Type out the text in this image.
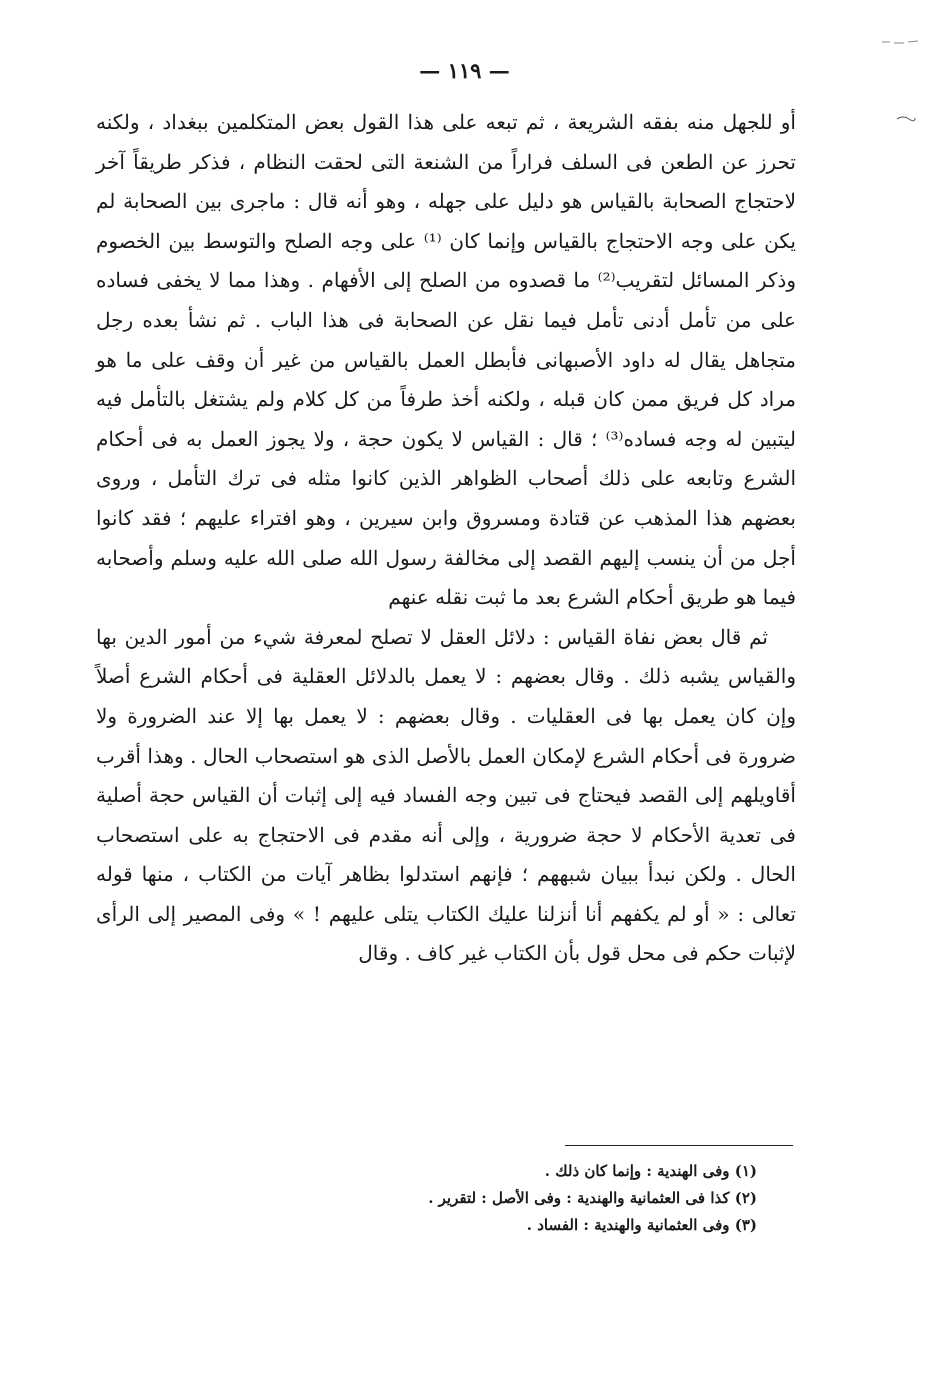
— ١١٩ —

أو للجهل منه بفقه الشريعة ، ثم تبعه على هذا القول بعض المتكلمين ببغداد ، ولكنه تحرز عن الطعن فى السلف فراراً من الشنعة التى لحقت النظام ، فذكر طريقاً آخر لاحتجاج الصحابة بالقياس هو دليل على جهله ، وهو أنه قال : ماجرى بين الصحابة لم يكن على وجه الاحتجاج بالقياس وإنما كان ⁽¹⁾ على وجه الصلح والتوسط بين الخصوم وذكر المسائل لتقريب⁽²⁾ ما قصدوه من الصلح إلى الأفهام . وهذا مما لا يخفى فساده على من تأمل أدنى تأمل فيما نقل عن الصحابة فى هذا الباب . ثم نشأ بعده رجل متجاهل يقال له داود الأصبهانى فأبطل العمل بالقياس من غير أن وقف على ما هو مراد كل فريق ممن كان قبله ، ولكنه أخذ طرفاً من كل كلام ولم يشتغل بالتأمل فيه ليتبين له وجه فساده⁽³⁾ ؛ قال : القياس لا يكون حجة ، ولا يجوز العمل به فى أحكام الشرع وتابعه على ذلك أصحاب الظواهر الذين كانوا مثله فى ترك التأمل ، وروى بعضهم هذا المذهب عن قتادة ومسروق وابن سيرين ، وهو افتراء عليهم ؛ فقد كانوا أجل من أن ينسب إليهم القصد إلى مخالفة رسول الله صلى الله عليه وسلم وأصحابه فيما هو طريق أحكام الشرع بعد ما ثبت نقله عنهم

ثم قال بعض نفاة القياس : دلائل العقل لا تصلح لمعرفة شيء من أمور الدين بها والقياس يشبه ذلك . وقال بعضهم : لا يعمل بالدلائل العقلية فى أحكام الشرع أصلاً وإن كان يعمل بها فى العقليات . وقال بعضهم : لا يعمل بها إلا عند الضرورة ولا ضرورة فى أحكام الشرع لإمكان العمل بالأصل الذى هو استصحاب الحال . وهذا أقرب أقاويلهم إلى القصد فيحتاج فى تبين وجه الفساد فيه إلى إثبات أن القياس حجة أصلية فى تعدية الأحكام لا حجة ضرورية ، وإلى أنه مقدم فى الاحتجاج به على استصحاب الحال . ولكن نبدأ ببيان شبههم ؛ فإنهم استدلوا بظاهر آيات من الكتاب ، منها قوله تعالى : « أو لم يكفهم أنا أنزلنا عليك الكتاب يتلى عليهم ! » وفى المصير إلى الرأى لإثبات حكم فى محل قول بأن الكتاب غير كاف . وقال

(١) وفى الهندية : وإنما كان ذلك .
(٢) كذا فى العثمانية والهندية : وفى الأصل : لتقرير .
(٣) وفى العثمانية والهندية : الفساد .
